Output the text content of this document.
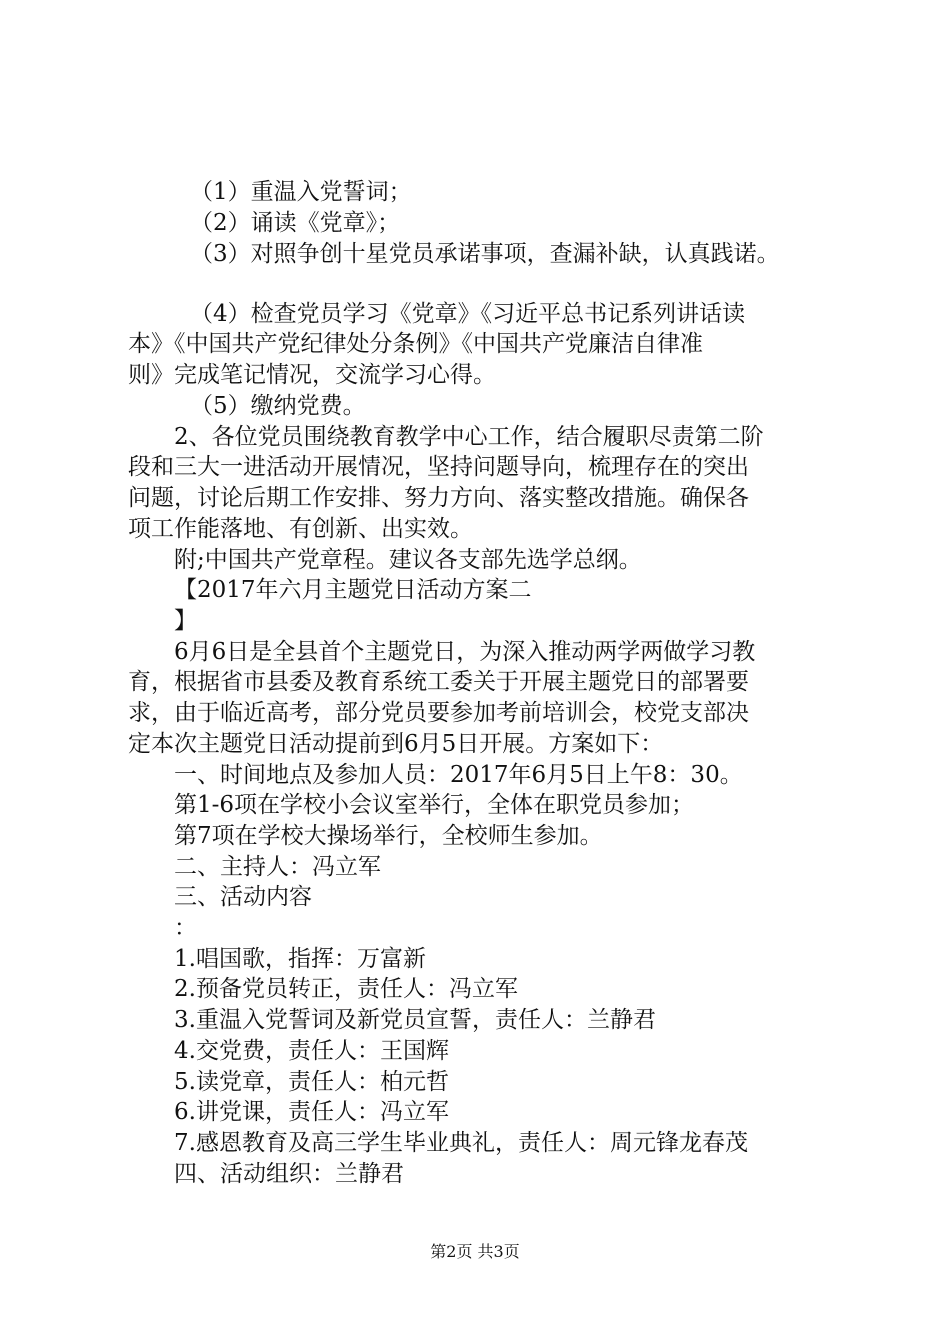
（1）重温入党誓词；
（2）诵读《党章》；
（3）对照争创十星党员承诺事项，查漏补缺，认真践诺。
（4）检查党员学习《党章》《习近平总书记系列讲话读
本》《中国共产党纪律处分条例》《中国共产党廉洁自律准
则》完成笔记情况，交流学习心得。
（5）缴纳党费。
2、各位党员围绕教育教学中心工作，结合履职尽责第二阶
段和三大一进活动开展情况，坚持问题导向，梳理存在的突出
问题，讨论后期工作安排、努力方向、落实整改措施。确保各
项工作能落地、有创新、出实效。
附;中国共产党章程。建议各支部先选学总纲。
【2017年六月主题党日活动方案二
】
6月6日是全县首个主题党日，为深入推动两学两做学习教
育，根据省市县委及教育系统工委关于开展主题党日的部署要
求，由于临近高考，部分党员要参加考前培训会，校党支部决
定本次主题党日活动提前到6月5日开展。方案如下：
一、时间地点及参加人员：2017年6月5日上午8：30。
第1-6项在学校小会议室举行，全体在职党员参加；
第7项在学校大操场举行，全校师生参加。
二、主持人：冯立军
三、活动内容
：
1.唱国歌，指挥：万富新
2.预备党员转正，责任人：冯立军
3.重温入党誓词及新党员宣誓，责任人：兰静君
4.交党费，责任人：王国辉
5.读党章，责任人：柏元哲
6.讲党课，责任人：冯立军
7.感恩教育及高三学生毕业典礼，责任人：周元锋龙春茂
四、活动组织：兰静君
第2页 共3页
